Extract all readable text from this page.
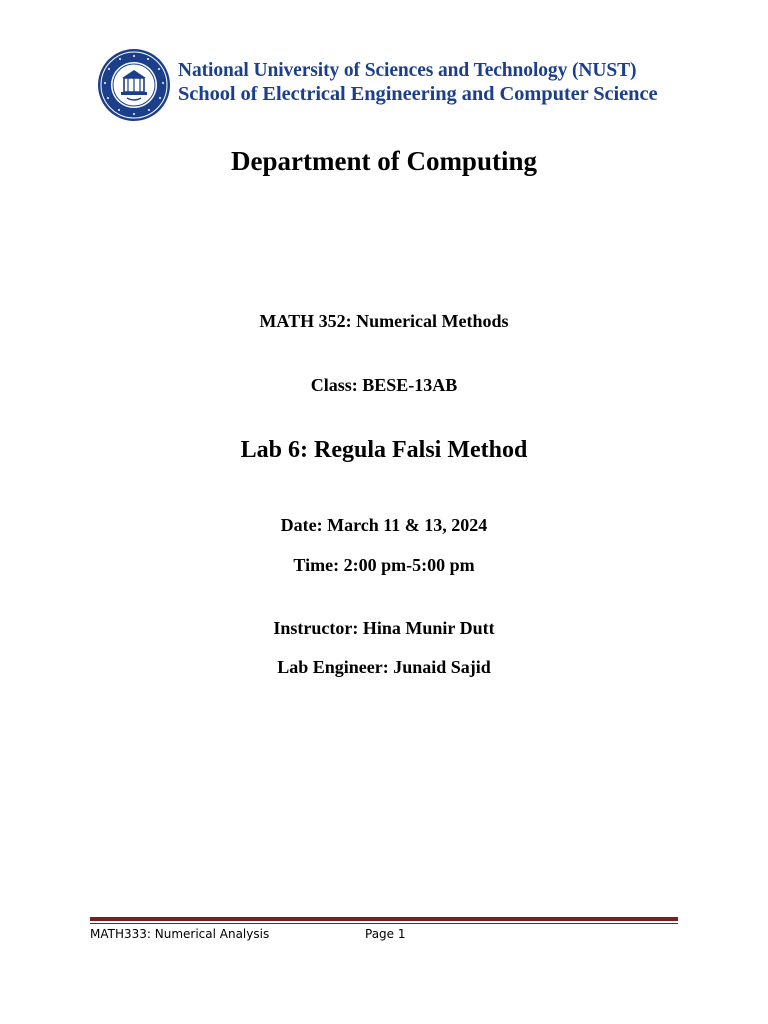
National University of Sciences and Technology (NUST)
School of Electrical Engineering and Computer Science
Department of Computing
MATH 352: Numerical Methods
Class: BESE-13AB
Lab 6: Regula Falsi Method
Date: March 11 & 13, 2024
Time: 2:00 pm-5:00 pm
Instructor: Hina Munir Dutt
Lab Engineer: Junaid Sajid
MATH333: Numerical Analysis	Page 1
